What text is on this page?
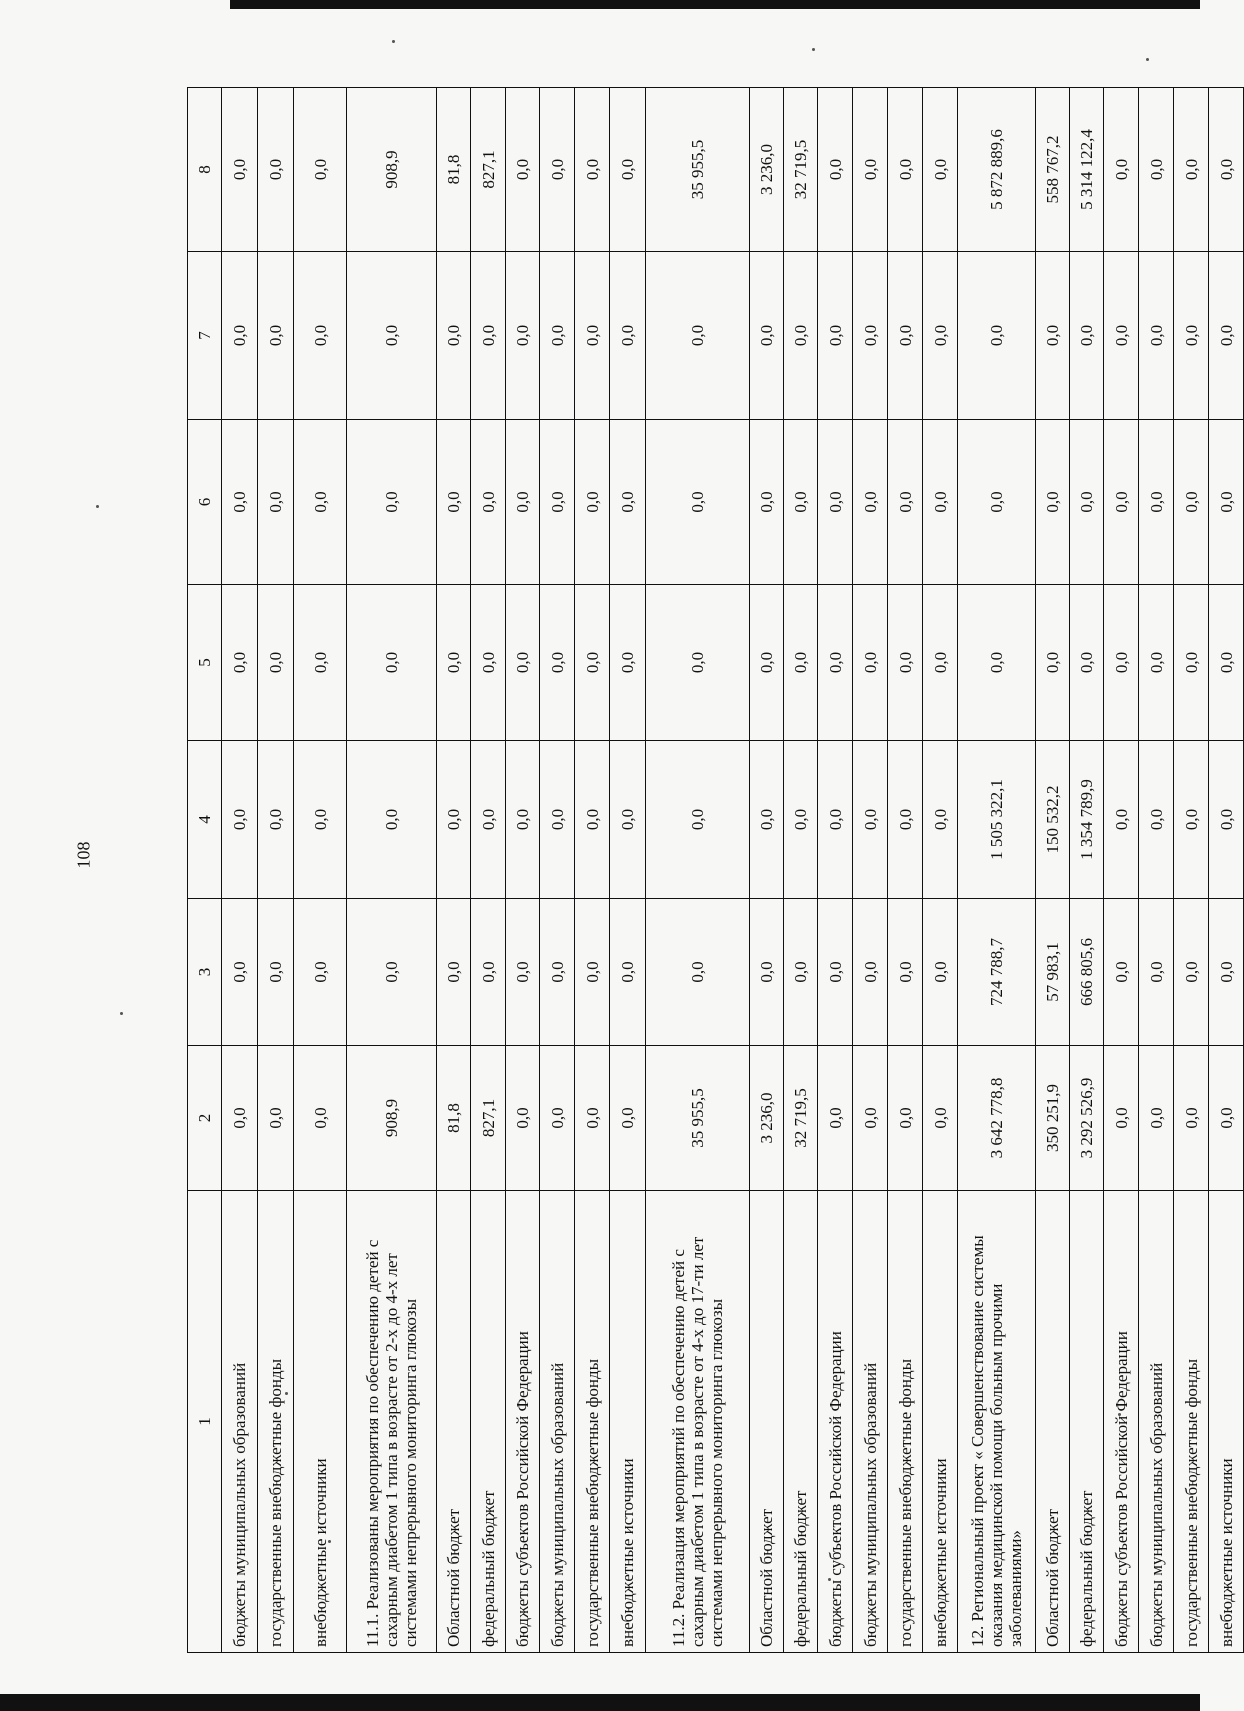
108
1	2	3	4	5	6	7	8
бюджеты муниципальных образований	0,0	0,0	0,0	0,0	0,0	0,0	0,0
государственные внебюджетные фонды	0,0	0,0	0,0	0,0	0,0	0,0	0,0
внебюджетные источники	0,0	0,0	0,0	0,0	0,0	0,0	0,0
11.1. Реализованы мероприятия по обеспечению детей с сахарным диабетом 1 типа в возрасте от 2-х до 4-х лет системами непрерывного мониторинга глюкозы	908,9	0,0	0,0	0,0	0,0	0,0	908,9
Областной бюджет	81,8	0,0	0,0	0,0	0,0	0,0	81,8
федеральный бюджет	827,1	0,0	0,0	0,0	0,0	0,0	827,1
бюджеты субъектов Российской Федерации	0,0	0,0	0,0	0,0	0,0	0,0	0,0
бюджеты муниципальных образований	0,0	0,0	0,0	0,0	0,0	0,0	0,0
государственные внебюджетные фонды	0,0	0,0	0,0	0,0	0,0	0,0	0,0
внебюджетные источники	0,0	0,0	0,0	0,0	0,0	0,0	0,0
11.2. Реализация мероприятий по обеспечению детей с сахарным диабетом 1 типа в возрасте от 4-х до 17-ти лет системами непрерывного мониторинга глюкозы	35 955,5	0,0	0,0	0,0	0,0	0,0	35 955,5
Областной бюджет	3 236,0	0,0	0,0	0,0	0,0	0,0	3 236,0
федеральный бюджет	32 719,5	0,0	0,0	0,0	0,0	0,0	32 719,5
бюджеты субъектов Российской Федерации	0,0	0,0	0,0	0,0	0,0	0,0	0,0
бюджеты муниципальных образований	0,0	0,0	0,0	0,0	0,0	0,0	0,0
государственные внебюджетные фонды	0,0	0,0	0,0	0,0	0,0	0,0	0,0
внебюджетные источники	0,0	0,0	0,0	0,0	0,0	0,0	0,0
12. Региональный проект « Совершенствование системы оказания медицинской помощи больным прочими заболеваниями»	3 642 778,8	724 788,7	1 505 322,1	0,0	0,0	0,0	5 872 889,6
Областной бюджет	350 251,9	57 983,1	150 532,2	0,0	0,0	0,0	558 767,2
федеральный бюджет	3 292 526,9	666 805,6	1 354 789,9	0,0	0,0	0,0	5 314 122,4
бюджеты субъектов Российской Федерации	0,0	0,0	0,0	0,0	0,0	0,0	0,0
бюджеты муниципальных образований	0,0	0,0	0,0	0,0	0,0	0,0	0,0
государственные внебюджетные фонды	0,0	0,0	0,0	0,0	0,0	0,0	0,0
внебюджетные источники	0,0	0,0	0,0	0,0	0,0	0,0	0,0
